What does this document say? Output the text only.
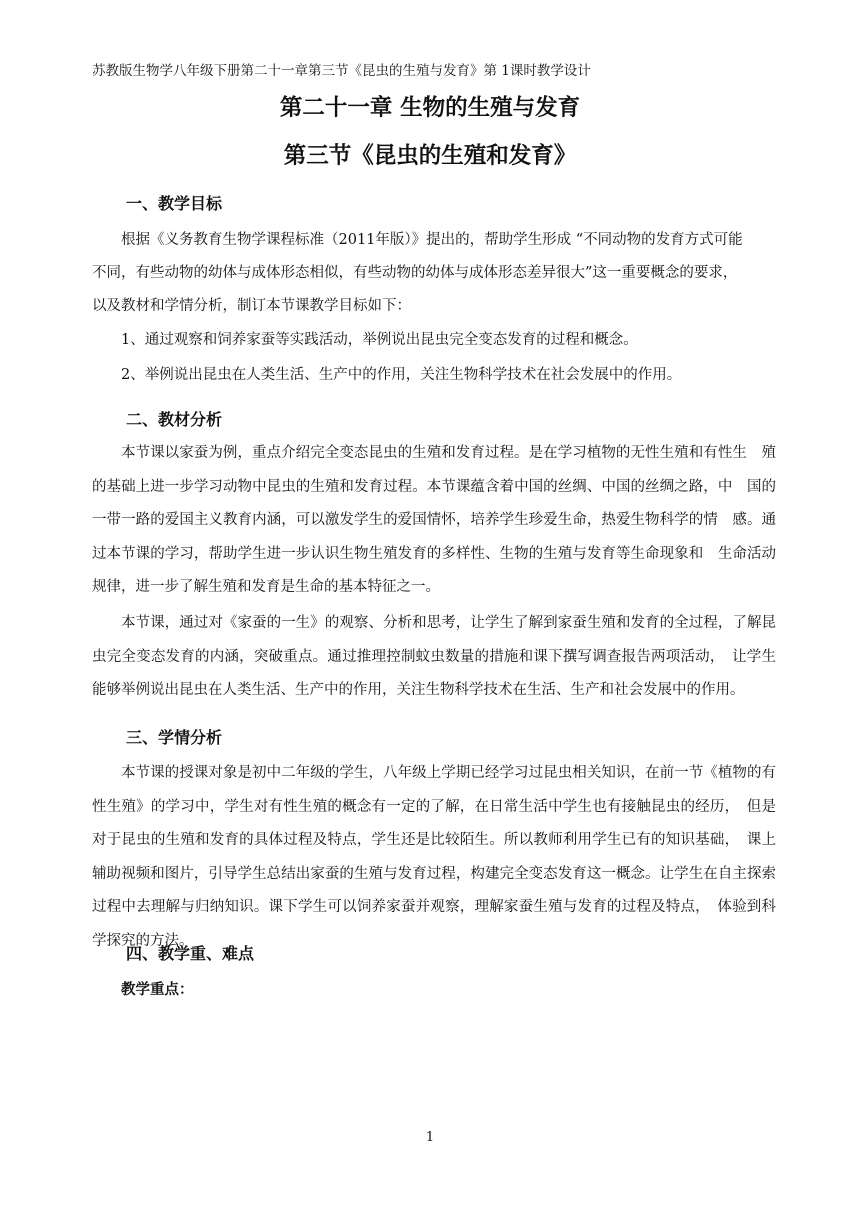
苏教版生物学八年级下册第二十一章第三节《昆虫的生殖与发育》第 1课时教学设计
第二十一章 生物的生殖与发育
第三节《昆虫的生殖和发育》
一、教学目标

根据《义务教育生物学课程标准（2011年版）》提出的，帮助学生形成 “不同动物的发育方式可能

不同，有些动物的幼体与成体形态相似，有些动物的幼体与成体形态差异很大”这一重要概念的要求，

以及教材和学情分析，制订本节课教学目标如下：

1、通过观察和饲养家蚕等实践活动，举例说出昆虫完全变态发育的过程和概念。

2、举例说出昆虫在人类生活、生产中的作用，关注生物科学技术在社会发展中的作用。

二、教材分析

本节课以家蚕为例，重点介绍完全变态昆虫的生殖和发育过程。是在学习植物的无性生殖和有性生　殖的基础上进一步学习动物中昆虫的生殖和发育过程。本节课蕴含着中国的丝绸、中国的丝绸之路，中　国的一带一路的爱国主义教育内涵，可以激发学生的爱国情怀，培养学生珍爱生命，热爱生物科学的情　感。通过本节课的学习，帮助学生进一步认识生物生殖发育的多样性、生物的生殖与发育等生命现象和　生命活动规律，进一步了解生殖和发育是生命的基本特征之一。

本节课，通过对《家蚕的一生》的观察、分析和思考，让学生了解到家蚕生殖和发育的全过程，了解昆虫完全变态发育的内涵，突破重点。通过推理控制蚊虫数量的措施和课下撰写调查报告两项活动，　让学生能够举例说出昆虫在人类生活、生产中的作用，关注生物科学技术在生活、生产和社会发展中的作用。

三、学情分析

本节课的授课对象是初中二年级的学生，八年级上学期已经学习过昆虫相关知识，在前一节《植物的有性生殖》的学习中，学生对有性生殖的概念有一定的了解，在日常生活中学生也有接触昆虫的经历，　但是对于昆虫的生殖和发育的具体过程及特点，学生还是比较陌生。所以教师利用学生已有的知识基础，　课上辅助视频和图片，引导学生总结出家蚕的生殖与发育过程，构建完全变态发育这一概念。让学生在自主探索过程中去理解与归纳知识。课下学生可以饲养家蚕并观察，理解家蚕生殖与发育的过程及特点，　体验到科学探究的方法。

四、教学重、难点
教学重点：
1
